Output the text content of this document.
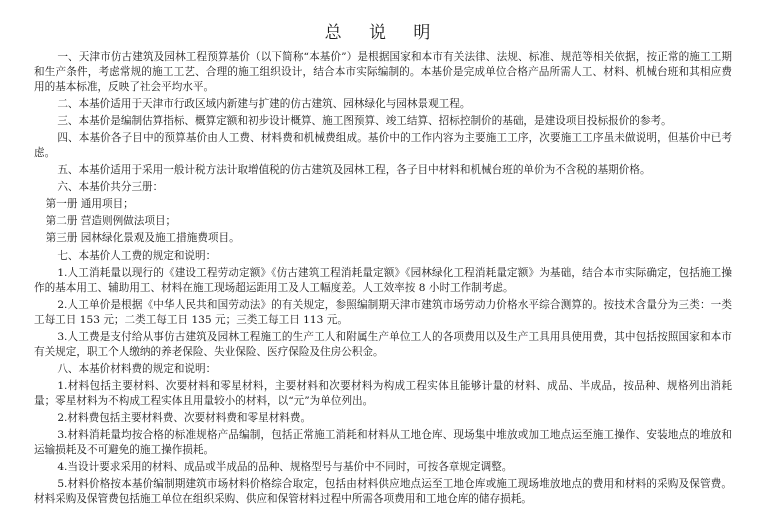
总 说 明

一、天津市仿古建筑及园林工程预算基价（以下简称“本基价”）是根据国家和本市有关法律、法规、标准、规范等相关依据，按正常的施工工期和生产条件，考虑常规的施工工艺、合理的施工组织设计，结合本市实际编制的。本基价是完成单位合格产品所需人工、材料、机械台班和其相应费用的基本标准，反映了社会平均水平。

二、本基价适用于天津市行政区域内新建与扩建的仿古建筑、园林绿化与园林景观工程。

三、本基价是编制估算指标、概算定额和初步设计概算、施工图预算、竣工结算、招标控制价的基础，是建设项目投标报价的参考。

四、本基价各子目中的预算基价由人工费、材料费和机械费组成。基价中的工作内容为主要施工工序，次要施工工序虽未做说明，但基价中已考虑。

五、本基价适用于采用一般计税方法计取增值税的仿古建筑及园林工程，各子目中材料和机械台班的单价为不含税的基期价格。

六、本基价共分三册：

第一册 通用项目；

第二册 营造则例做法项目；

第三册 园林绿化景观及施工措施费项目。

七、本基价人工费的规定和说明：

1.人工消耗量以现行的《建设工程劳动定额》《仿古建筑工程消耗量定额》《园林绿化工程消耗量定额》为基础，结合本市实际确定，包括施工操作的基本用工、辅助用工、材料在施工现场超运距用工及人工幅度差。人工效率按 8 小时工作制考虑。

2.人工单价是根据《中华人民共和国劳动法》的有关规定，参照编制期天津市建筑市场劳动力价格水平综合测算的。按技术含量分为三类：一类工每工日 153 元；二类工每工日 135 元；三类工每工日 113 元。

3.人工费是支付给从事仿古建筑及园林工程施工的生产工人和附属生产单位工人的各项费用以及生产工具用具使用费，其中包括按照国家和本市有关规定，职工个人缴纳的养老保险、失业保险、医疗保险及住房公积金。

八、本基价材料费的规定和说明：

1.材料包括主要材料、次要材料和零星材料，主要材料和次要材料为构成工程实体且能够计量的材料、成品、半成品，按品种、规格列出消耗量；零星材料为不构成工程实体且用量较小的材料，以“元”为单位列出。

2.材料费包括主要材料费、次要材料费和零星材料费。

3.材料消耗量均按合格的标准规格产品编制，包括正常施工消耗和材料从工地仓库、现场集中堆放或加工地点运至施工操作、安装地点的堆放和运输损耗及不可避免的施工操作损耗。

4.当设计要求采用的材料、成品或半成品的品种、规格型号与基价中不同时，可按各章规定调整。

5.材料价格按本基价编制期建筑市场材料价格综合取定，包括由材料供应地点运至工地仓库或施工现场堆放地点的费用和材料的采购及保管费。材料采购及保管费包括施工单位在组织采购、供应和保管材料过程中所需各项费用和工地仓库的储存损耗。
